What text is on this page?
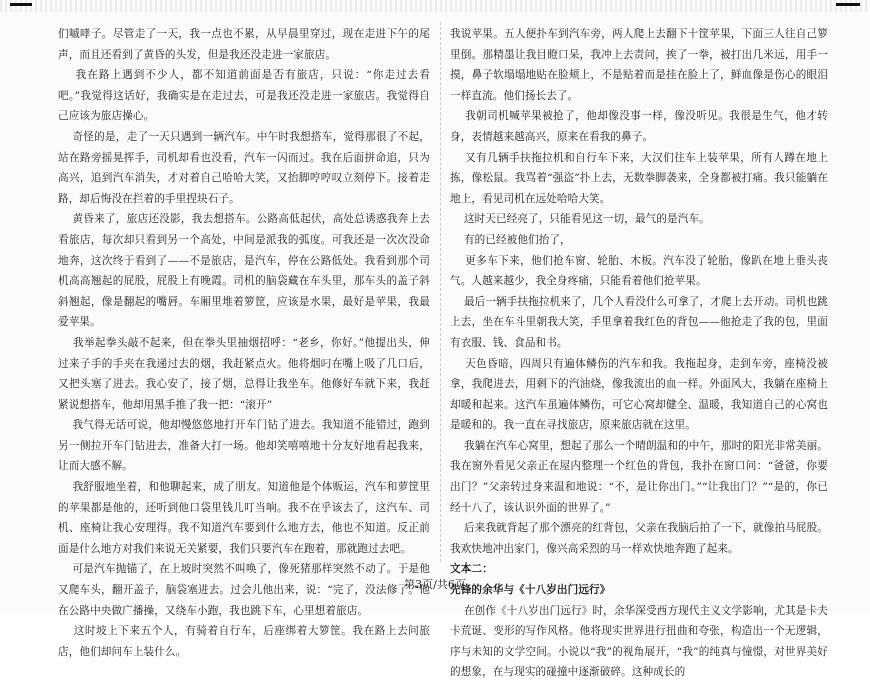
们嘁哮子。尽管走了一天，我一点也不累，从早晨里穿过，现在走进下午的尾声，而且还看到了黄昏的头发，但是我还没走进一家旅店。

我在路上遇到不少人，都不知道前面是否有旅店，只说：“你走过去看吧。”我觉得这话好，我确实是在走过去，可是我还没走进一家旅店。我觉得自己应该为旅店操心。

奇怪的是，走了一天只遇到一辆汽车。中午时我想搭车，觉得那很了不起，站在路旁摇晃挥手，司机却看也没看，汽车一闪而过。我在后面拼命追，只为高兴，追到汽车消失，才对着自己哈哈大笑，又抬脚哼哼叹立刻停下。接着走路，却后悔没在拦着的手里捏块石子。

黄昏来了，旅店还没影，我去想搭车。公路高低起伏，高处总诱惑我奔上去看旅店，每次却只看到另一个高处，中间是派我的弧度。可我还是一次次没命地奔，这次终于看到了——不是旅店，是汽车，停在公路低处。我看到那个司机高高翘起的屁股，屁股上有晚霞。司机的脑袋藏在车头里，那车头的盖子斜斜翘起，像是翻起的嘴唇。车厢里堆着箩筐，应该是水果，最好是苹果，我最爱苹果。

我举起拳头敲不起来，但在拳头里抽烟招呼：“老乡，你好。”他提出头，伸过来子手的手夹在我递过去的烟，我赶紧点火。他将烟叼在嘴上吸了几口后，又把头塞了进去。我心安了，接了烟，总得让我坐车。他修好车就下来，我赶紧说想搭车，他却用黑手推了我一把：“滚开”

我气得无话可说，他却慢悠悠地打开车门钻了进去。我知道不能错过，跑到另一侧拉开车门钻进去，准备大打一场。他却笑嘻嘻地十分友好地看起我来，让而大感不解。

我舒服地坐着，和他聊起来，成了朋友。知道他是个体贩运，汽车和萝筐里的苹果都是他的，还听到他口袋里钱儿叮当响。我不在乎该去了，这汽车、司机、座椅让我心安理得。我不知道汽车要到什么地方去，他也不知道。反正前面是什么地方对我们来说无关紧要，我们只要汽车在跑着，那就跑过去吧。

可是汽车抛锚了，在上坡时突然不叫唤了，像死猪那样突然不动了。于是他又爬车头，翻开盖子，脑袋塞进去。过会儿他出来，说：“完了，没法修了。”他在公路中央做广播操，又绕车小跑，我也跳下车，心里想着旅店。

这时坡上下来五个人，有骑着自行车，后座绑着大箩筐。我在路上去问旅店，他们却问车上装什么。

我说苹果。五人便扑车到汽车旁，两人爬上去翻下十筐苹果，下面三人往自己箩里倒。那精墨让我目瞪口呆，我冲上去责问，挨了一拳，被打出几米远，用手一摸，鼻子软塌塌地贴在脸颊上，不是贴着而是挂在脸上了，鲜血像是伤心的眼泪一样直流。他们扬长去了。

我朝司机喊苹果被抢了，他却像没事一样，像没听见。我很是生气，他才转身，表情越来越高兴，原来在看我的鼻子。

又有几辆手扶拖拉机和自行车下来，大汉们往车上装苹果，所有人蹲在地上拣，像松鼠。我骂着“强盗”扑上去，无数拳脚袭来，全身都被打痛。我只能躺在地上，看见司机在远处哈哈大笑。

这时天已经亮了，只能看见这一切，最气的是汽车。

有的已经被他们抬了，

更多车下来，他们抢车窗、轮胎、木板。汽车没了轮胎，像趴在地上垂头丧气。人越来越少，我全身疼痛，只能看着他们抢苹果。

最后一辆手扶拖拉机来了，几个人看没什么可拿了，才爬上去开动。司机也跳上去，坐在车斗里朝我大笑，手里拿着我红色的背包——他抢走了我的包，里面有衣服、钱、食品和书。

天色昏暗，四周只有遍体鳞伤的汽车和我。我拖起身，走到车旁，座椅没被拿，我爬进去，用剩下的汽油烧，像我流出的血一样。外面风大，我躺在座椅上却暖和起来。这汽车虽遍体鳞伤，可它心窝却健全、温暖，我知道自己的心窝也是暖和的。我一直在寻找旅店，原来旅店就在这里。

我躺在汽车心窝里，想起了那么一个晴朗温和的中午，那时的阳光非常美丽。我在窗外看见父亲正在屋内整理一个红色的背包，我扑在窗口问：“爸爸，你要出门？”父亲转过身来温和地说：“不，是让你出门。”“让我出门？”“是的，你已经十八了，该认识外面的世界了。”

后来我就背起了那个漂亮的红背包，父亲在我脑后拍了一下，就像拍马屁股。我欢快地冲出家门，像兴高采烈的马一样欢快地奔跑了起来。

文本二：

先锋的余华与《十八岁出门远行》

在创作《十八岁出门远行》时，余华深受西方现代主义文学影响，尤其是卡夫卡荒诞、变形的写作风格。他将现实世界进行扭曲和夸张，构造出一个无逻辑，序与未知的文学空间。小说以“我”的视角展开，“我”的纯真与憧憬，对世界美好的想象，在与现实的碰撞中逐渐破碎。这种成长的

第3页/共6页
